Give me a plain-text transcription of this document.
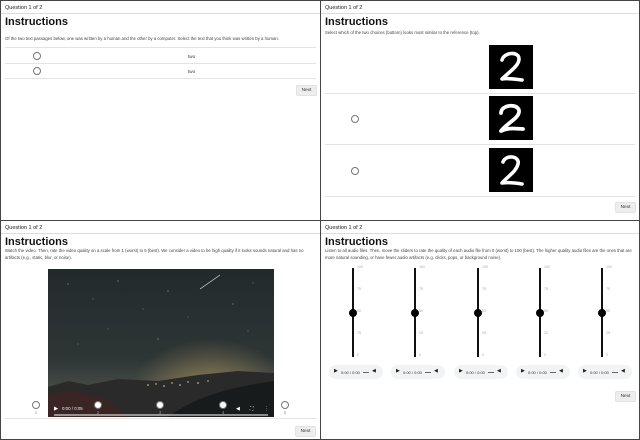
Question 1 of 2
Instructions
Of the two text passages below, one was written by a human and the other by a computer. Select the text that you think was written by a human.
two
two
Next
Question 1 of 2
Instructions
Select which of the two choices (bottom) looks most similar to the reference (top).
Next
Question 1 of 2
Instructions
Watch the video. Then, rate the video quality on a scale from 1 (worst) to 5 (best). We consider a video to be high quality if it looks sounds natural and has no artifacts (e.g., static, blur, or noise).
▶ 0:00 / 0:05	◀ ⛶ ⋮
1	2	3	4	5
Next
Question 1 of 2
Instructions
Listen to all audio files. Then, move the sliders to rate the quality of each audio file from 0 (worst) to 100 (best). The higher quality audio files are the ones that are more natural sounding, or have fewer audio artifacts (e.g. clicks, pops, or background noise).
100
75
50
25
0
▶ 0:00 / 0:00 ◀
100
75
50
25
0
▶ 0:00 / 0:00 ◀
100
75
50
25
0
▶ 0:00 / 0:00 ◀
100
75
50
25
0
▶ 0:00 / 0:00 ◀
100
75
50
25
0
▶ 0:00 / 0:00 ◀
Next
